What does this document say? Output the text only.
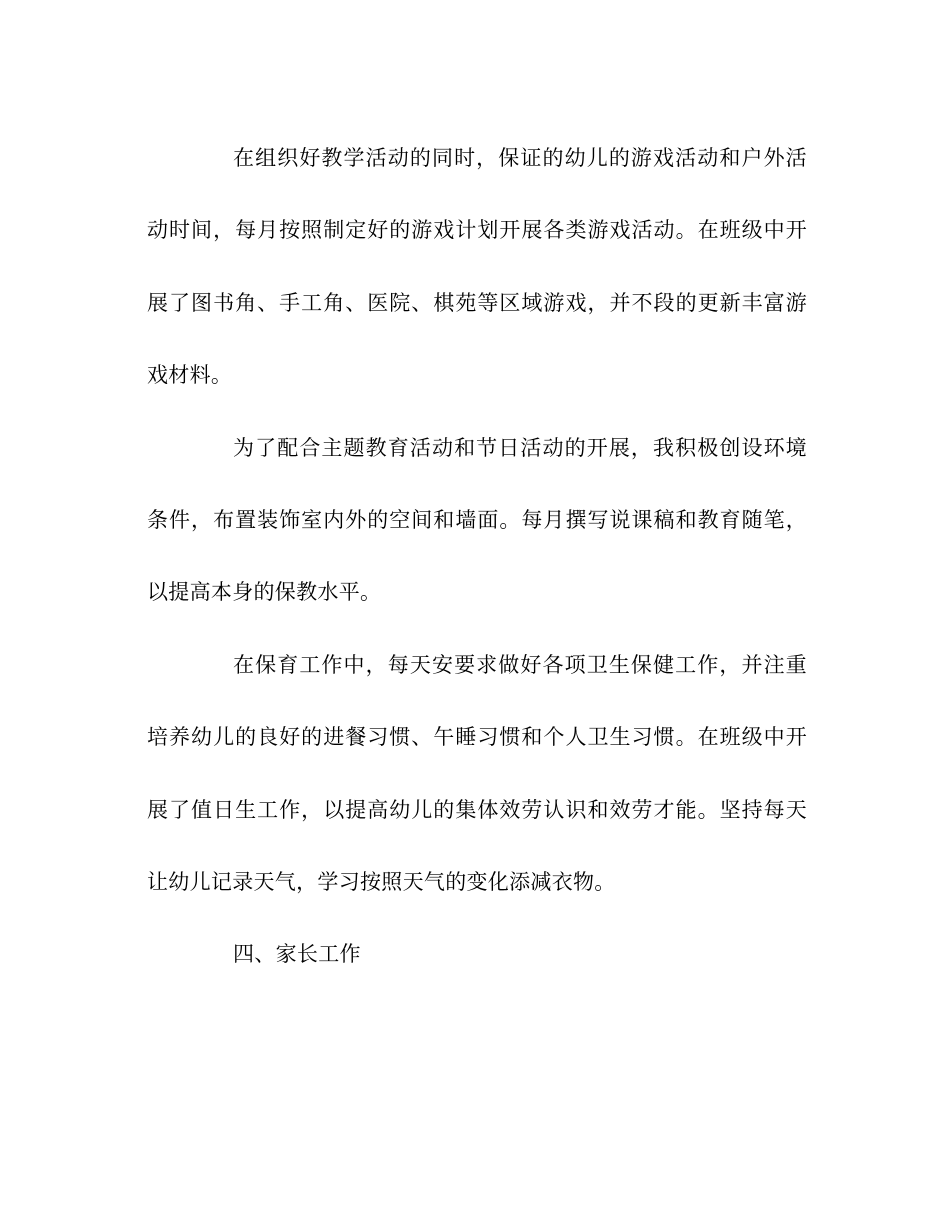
在组织好教学活动的同时，保证的幼儿的游戏活动和户外活
动时间，每月按照制定好的游戏计划开展各类游戏活动。在班级中开
展了图书角、手工角、医院、棋苑等区域游戏，并不段的更新丰富游
戏材料。
为了配合主题教育活动和节日活动的开展，我积极创设环境
条件，布置装饰室内外的空间和墙面。每月撰写说课稿和教育随笔，
以提高本身的保教水平。
在保育工作中，每天安要求做好各项卫生保健工作，并注重
培养幼儿的良好的进餐习惯、午睡习惯和个人卫生习惯。在班级中开
展了值日生工作，以提高幼儿的集体效劳认识和效劳才能。坚持每天
让幼儿记录天气，学习按照天气的变化添减衣物。
四、家长工作
